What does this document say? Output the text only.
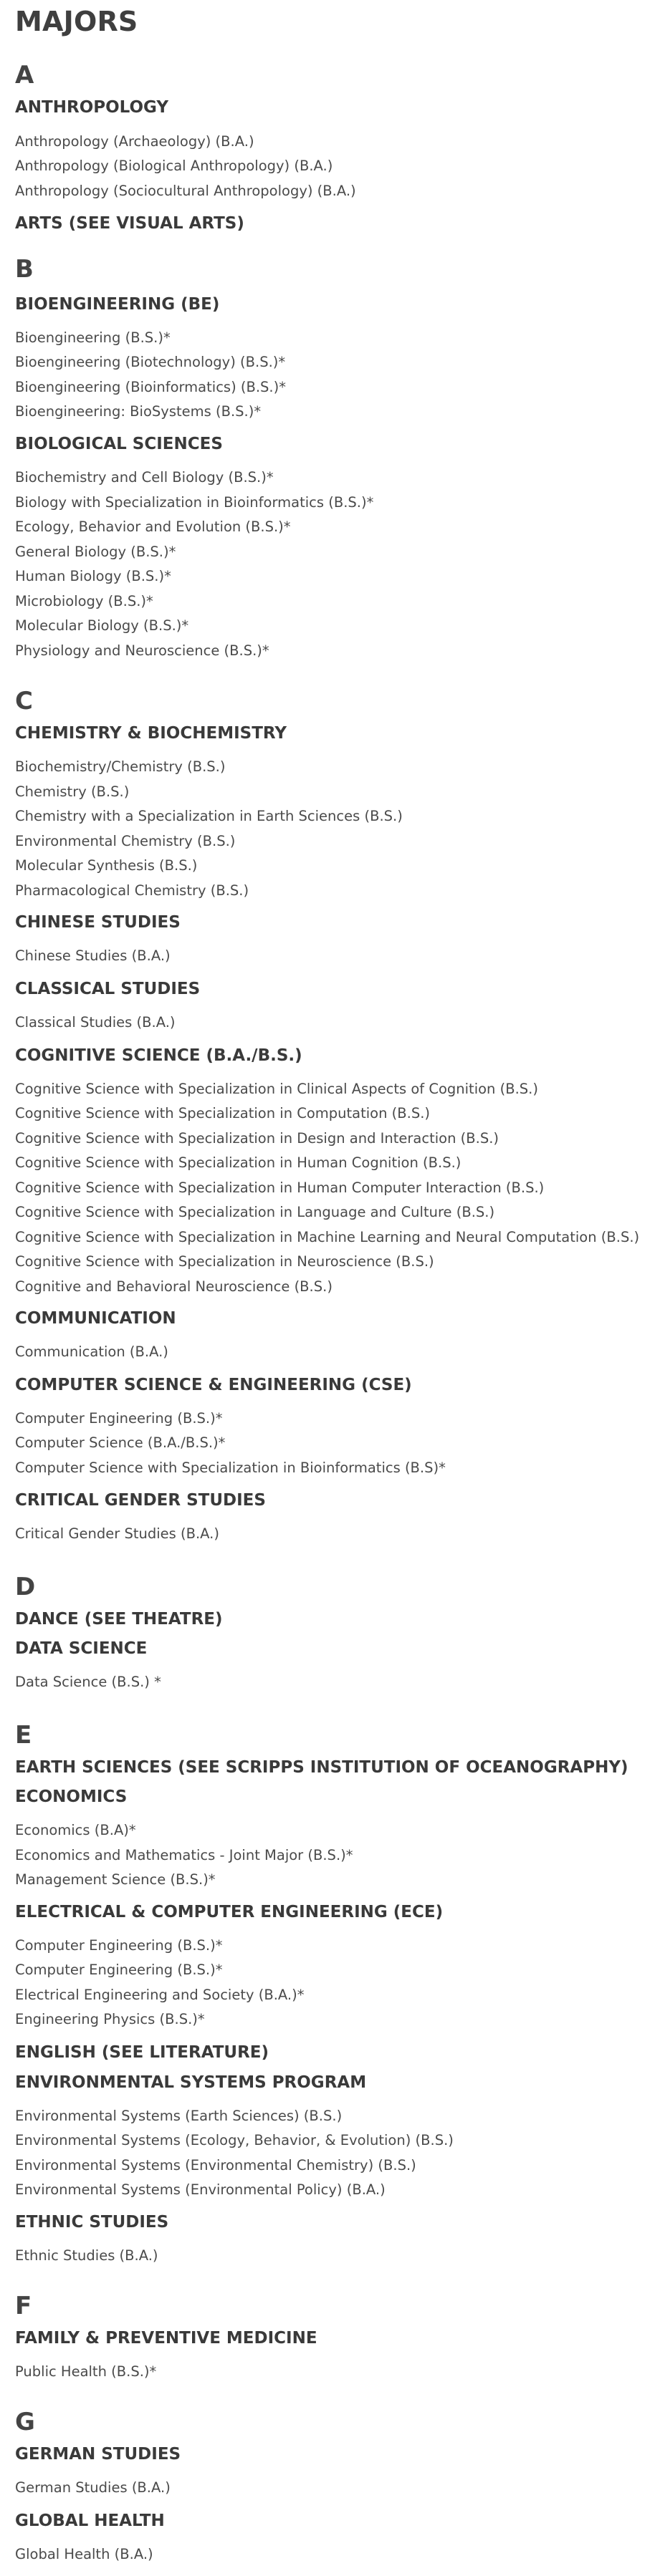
MAJORS
A
ANTHROPOLOGY

Anthropology (Archaeology) (B.A.)

Anthropology (Biological Anthropology) (B.A.)

Anthropology (Sociocultural Anthropology) (B.A.)

ARTS (SEE VISUAL ARTS)
B
BIOENGINEERING (BE)

Bioengineering (B.S.)*

Bioengineering (Biotechnology) (B.S.)*

Bioengineering (Bioinformatics) (B.S.)*

Bioengineering: BioSystems (B.S.)*

BIOLOGICAL SCIENCES

Biochemistry and Cell Biology (B.S.)*

Biology with Specialization in Bioinformatics (B.S.)*

Ecology, Behavior and Evolution (B.S.)*

General Biology (B.S.)*

Human Biology (B.S.)*

Microbiology (B.S.)*

Molecular Biology (B.S.)*

Physiology and Neuroscience (B.S.)*

C
CHEMISTRY & BIOCHEMISTRY

Biochemistry/Chemistry (B.S.)

Chemistry (B.S.)

Chemistry with a Specialization in Earth Sciences (B.S.)

Environmental Chemistry (B.S.)

Molecular Synthesis (B.S.)

Pharmacological Chemistry (B.S.)

CHINESE STUDIES

Chinese Studies (B.A.)

CLASSICAL STUDIES

Classical Studies (B.A.)

COGNITIVE SCIENCE (B.A./B.S.)

Cognitive Science with Specialization in Clinical Aspects of Cognition (B.S.)

Cognitive Science with Specialization in Computation (B.S.)

Cognitive Science with Specialization in Design and Interaction (B.S.)

Cognitive Science with Specialization in Human Cognition (B.S.)

Cognitive Science with Specialization in Human Computer Interaction (B.S.)

Cognitive Science with Specialization in Language and Culture (B.S.)

Cognitive Science with Specialization in Machine Learning and Neural Computation (B.S.)

Cognitive Science with Specialization in Neuroscience (B.S.)

Cognitive and Behavioral Neuroscience (B.S.)

COMMUNICATION

Communication (B.A.)

COMPUTER SCIENCE & ENGINEERING (CSE)

Computer Engineering (B.S.)*

Computer Science (B.A./B.S.)*

Computer Science with Specialization in Bioinformatics (B.S)*

CRITICAL GENDER STUDIES

Critical Gender Studies (B.A.)

D
DANCE (SEE THEATRE)
DATA SCIENCE

Data Science (B.S.) *

E
EARTH SCIENCES (SEE SCRIPPS INSTITUTION OF OCEANOGRAPHY)
ECONOMICS

Economics (B.A)*

Economics and Mathematics - Joint Major (B.S.)*

Management Science (B.S.)*

ELECTRICAL & COMPUTER ENGINEERING (ECE)

Computer Engineering (B.S.)*

Computer Engineering (B.S.)*

Electrical Engineering and Society (B.A.)*

Engineering Physics (B.S.)*

ENGLISH (SEE LITERATURE)
ENVIRONMENTAL SYSTEMS PROGRAM

Environmental Systems (Earth Sciences) (B.S.)

Environmental Systems (Ecology, Behavior, & Evolution) (B.S.)

Environmental Systems (Environmental Chemistry) (B.S.)

Environmental Systems (Environmental Policy) (B.A.)

ETHNIC STUDIES

Ethnic Studies (B.A.)

F
FAMILY & PREVENTIVE MEDICINE

Public Health (B.S.)*

G
GERMAN STUDIES

German Studies (B.A.)

GLOBAL HEALTH

Global Health (B.A.)
